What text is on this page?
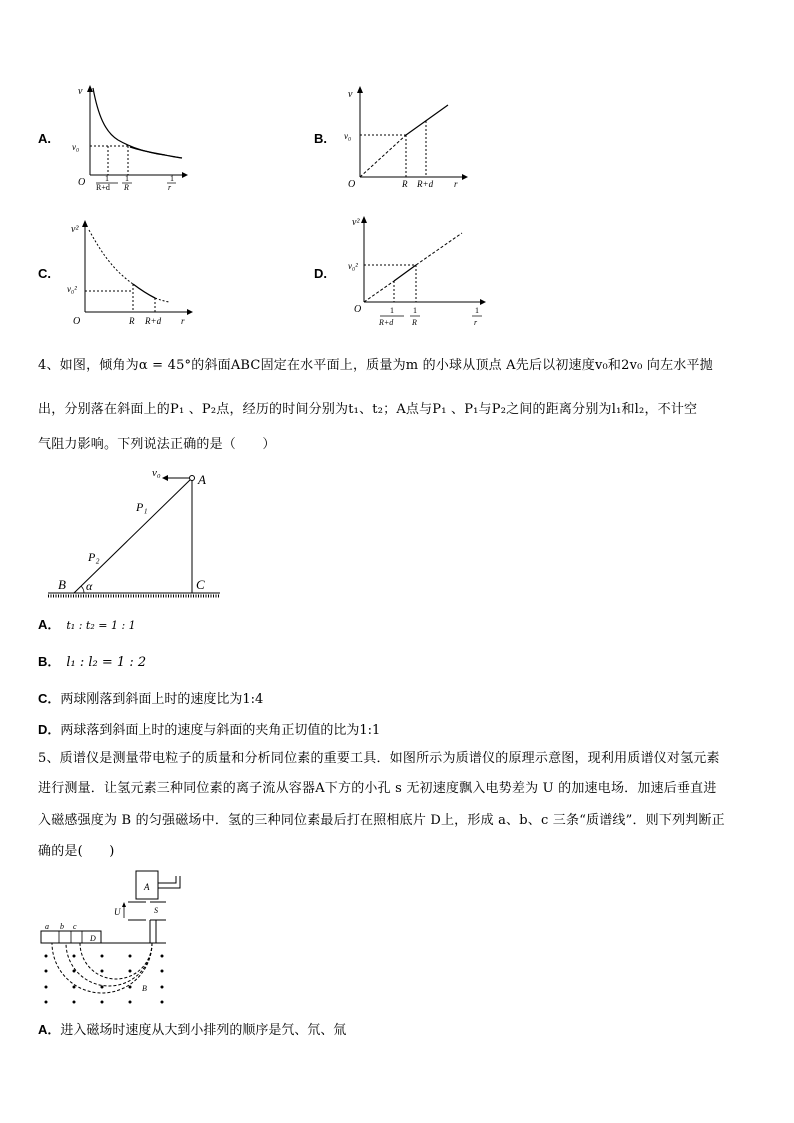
A.
v
v₀
O 1
R+d
1
R
1
r
B.
v
v₀
O	R R+d r
C.
v²
v₀²
O	R R+d r
D.
v²
v₀²
O	1
R+d
1
R
1
r
4、如图，倾角为α = 45°的斜面ABC固定在水平面上，质量为m 的小球从顶点 A先后以初速度v₀和2v₀ 向左水平抛
出，分别落在斜面上的P₁ 、P₂点，经历的时间分别为t₁、t₂；A点与P₁ 、P₁与P₂之间的距离分别为l₁和l₂，不计空
气阻力影响。下列说法正确的是（　　）
v₀	A
P₁
P₂
B α	C
A． t₁ : t₂ = 1 : 1
B． l₁ : l₂ = 1 : 2
C．两球刚落到斜面上时的速度比为1:4
D．两球落到斜面上时的速度与斜面的夹角正切值的比为1:1
5、质谱仪是测量带电粒子的质量和分析同位素的重要工具．如图所示为质谱仪的原理示意图，现利用质谱仪对氢元素
进行测量．让氢元素三种同位素的离子流从容器A下方的小孔 s 无初速度飘入电势差为 U 的加速电场．加速后垂直进
入磁感强度为 B 的匀强磁场中．氢的三种同位素最后打在照相底片 D上，形成 a、b、c 三条“质谱线”．则下列判断正
确的是(　　)
A
U	S
a b c
D
B
A．进入磁场时速度从大到小排列的顺序是氕、氘、氚
